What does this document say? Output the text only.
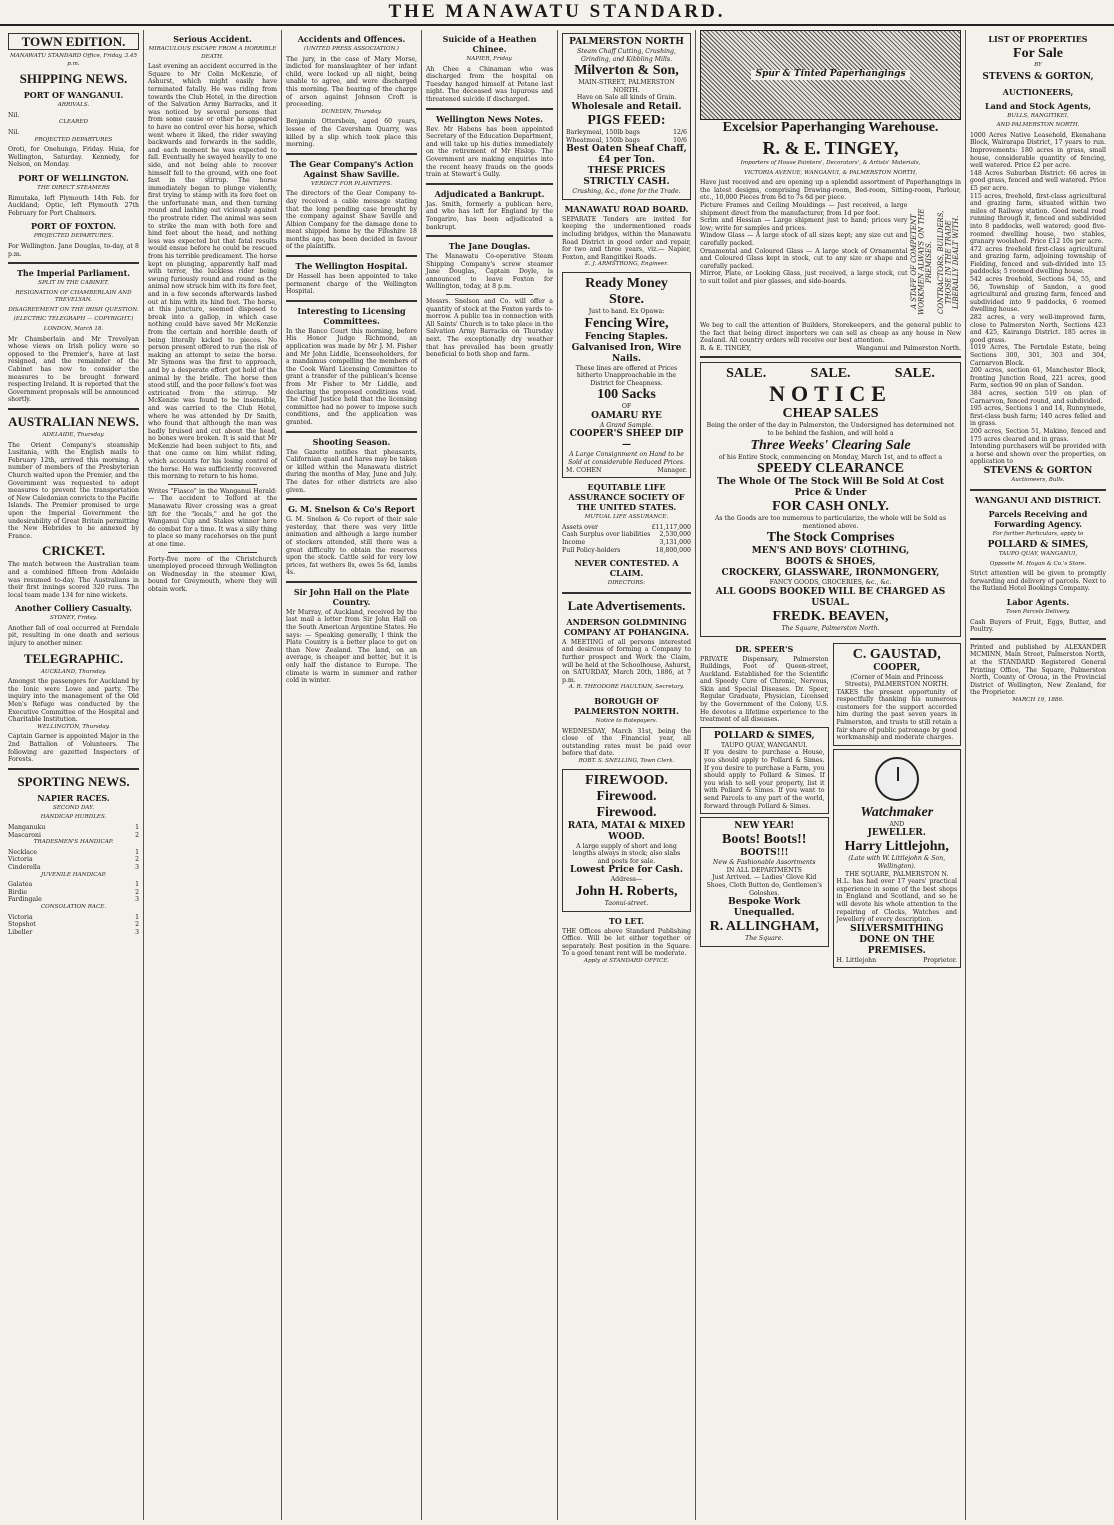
THE MANAWATU STANDARD.
TOWN EDITION.
MANAWATU STANDARD Office, Friday, 3.45 p.m.
SHIPPING NEWS.
PORT OF WANGANUI.
ARRIVALS.
Nil.
CLEARED
Nil.
PROJECTED DEPARTURES
Oroti, for Onehunga, Friday. Huia, for Wellington, Saturday. Kennedy, for Nelson, on Monday.
PORT OF WELLINGTON.
THE DIRECT STEAMERS
Rimutaka, left Plymouth 14th Feb. for Auckland; Optic, left Plymouth 27th February for Port Chalmers.
PORT OF FOXTON.
PROJECTED DEPARTURES.
For Wellington. Jane Douglas, to-day, at 8 p.m.
The Imperial Parliament.
SPLIT IN THE CABINET.
RESIGNATION OF CHAMBERLAIN AND TREVELYAN.
DISAGREEMENT ON THE IRISH QUESTION.
(ELECTRIC TELEGRAPH — COPYRIGHT.)
LONDON, March 18.
Mr Chamberlain and Mr Trevelyan whose views on Irish policy were so opposed to the Premier's, have at last resigned, and the remainder of the Cabinet has now to consider the measures to be brought forward respecting Ireland. It is reported that the Government proposals will be announced shortly.
AUSTRALIAN NEWS.
ADELAIDE, Thursday.
The Orient Company's steamship Lusitania, with the English mails to February 12th, arrived this morning. A number of members of the Presbyterian Church waited upon the Premier, and the Government was requested to adopt measures to prevent the transportation of New Caledonian convicts to the Pacific Islands. The Premier promised to urge upon the Imperial Government the undesirability of Great Britain permitting the New Hebrides to be annexed by France.
CRICKET.
The match between the Australian team and a combined fifteen from Adelaide was resumed to-day. The Australians in their first innings scored 320 runs. The local team made 134 for nine wickets.
Another Colliery Casualty.
SYDNEY, Friday.
Another fall of coal occurred at Ferndale pit, resulting in one death and serious injury to another miner.
TELEGRAPHIC.
AUCKLAND, Thursday.
Amongst the passengers for Auckland by the Ionic were Lowe and party. The inquiry into the management of the Old Men's Refuge was conducted by the Executive Committee of the Hospital and Charitable Institution.
WELLINGTON, Thursday.
Captain Garner is appointed Major in the 2nd Battalion of Volunteers. The following are gazetted Inspectors of Forests.
SPORTING NEWS.
NAPIER RACES.
SECOND DAY.
HANDICAP HURDLES.
Manganuku	1
Mascaroni	2
TRADESMEN'S HANDICAP.
Necklace	1
Victoria	2
Cinderella	3
JUVENILE HANDICAP.
Galatea	1
Birdie	2
Fardingale	3
CONSOLATION RACE.
Victoria	1
Stopshot	2
Libeller	3
Serious Accident.
MIRACULOUS ESCAPE FROM A HORRIBLE DEATH.
Last evening an accident occurred in the Square to Mr Colin McKenzie, of Ashurst, which might easily have terminated fatally. He was riding from towards the Club Hotel, in the direction of the Salvation Army Barracks, and it was noticed by several persons that from some cause or other he appeared to have no control over his horse, which went where it liked, the rider swaying backwards and forwards in the saddle, and each moment he was expected to fall. Eventually he swayed heavily to one side, and not being able to recover himself fell to the ground, with one foot fast in the stirrup. The horse immediately began to plunge violently, first trying to stamp with its fore feet on the unfortunate man, and then turning round and lashing out viciously against the prostrate rider. The animal was seen to strike the man with both fore and hind feet about the head, and nothing less was expected but that fatal results would ensue before he could be rescued from his terrible predicament. The horse kept on plunging, apparently half mad with terror, the luckless rider being swung furiously round and round as the animal now struck him with its fore feet, and in a few seconds afterwards lashed out at him with its hind feet. The horse, at this juncture, seemed disposed to break into a gallop, in which case nothing could have saved Mr McKenzie from the certain and horrible death of being literally kicked to pieces. No person present offered to run the risk of making an attempt to seize the horse. Mr Symons was the first to approach, and by a desperate effort got hold of the animal by the bridle. The horse then stood still, and the poor fellow's foot was extricated from the stirrup. Mr McKenzie was found to be insensible, and was carried to the Club Hotel, where he was attended by Dr Smith, who found that although the man was badly bruised and cut about the head, no bones were broken. It is said that Mr McKenzie had been subject to fits, and that one came on him whilst riding, which accounts for his losing control of the horse. He was sufficiently recovered this morning to return to his home.
Writes "Fiasco" in the Wanganui Herald: — The accident to Telford at the Manawatu River crossing was a great lift for the "locals," and he got the Wanganui Cup and Stakes winner here de combat for a time. It was a silly thing to place so many racehorses on the punt at one time.
Forty-five more of the Christchurch unemployed proceed through Wellington on Wednesday in the steamer Kiwi, bound for Greymouth, where they will obtain work.
Accidents and Offences.
(UNITED PRESS ASSOCIATION.)
The jury, in the case of Mary Morse, indicted for manslaughter of her infant child, were locked up all night, being unable to agree, and were discharged this morning. The hearing of the charge of arson against Johnson Croft is proceeding.
DUNEDIN, Thursday.
Benjamin Ottersbein, aged 60 years, lessee of the Caversham Quarry, was killed by a slip which took place this morning.
The Gear Company's Action Against Shaw Saville.
VERDICT FOR PLAINTIFFS.
The directors of the Gear Company to-day received a cable message stating that the long pending case brought by the company against Shaw Saville and Albion Company for the damage done to meat shipped home by the Fifeshire 18 months ago, has been decided in favour of the plaintiffs.
The Wellington Hospital.
Dr Hassell has been appointed to take permanent charge of the Wellington Hospital.
Interesting to Licensing Committees.
In the Banco Court this morning, before His Honor Judge Richmond, an application was made by Mr J. M. Fisher and Mr John Liddle, licenseeholders, for a mandamus compelling the members of the Cook Ward Licensing Committee to grant a transfer of the publican's license from Mr Fisher to Mr Liddle, and declaring the proposed conditions void. The Chief Justice held that the licensing committee had no power to impose such conditions, and the application was granted.
Shooting Season.
The Gazette notifies that pheasants, Californian quail and hares may be taken or killed within the Manawatu district during the months of May, June and July. The dates for other districts are also given.
G. M. Snelson & Co's Report
G. M. Snelson & Co report of their sale yesterday, that there was very little animation and although a large number of stockers attended, still there was a great difficulty to obtain the reserves upon the stock. Cattle sold for very low prices, fat wethers 8s, ewes 5s 6d, lambs 4s.
Sir John Hall on the Plate Country.
Mr Murray, of Auckland, received by the last mail a letter from Sir John Hall on the South American Argentine States. He says: — Speaking generally, I think the Plate Country is a better place to get on than New Zealand. The land, on an average, is cheaper and better, but it is only half the distance to Europe. The climate is warm in summer and rather cold in winter.
Suicide of a Heathen Chinee.
NAPIER, Friday.
Ah Chee a Chinaman who was discharged from the hospital on Tuesday hanged himself at Petane last night. The deceased was lupurous and threatened suicide if discharged.
Wellington News Notes.
Rev. Mr Habens has been appointed Secretary of the Education Department, and will take up his duties immediately on the retirement of Mr Hislop. The Government are making enquiries into the recent heavy frauds on the goods train at Stewart's Gully.
Adjudicated a Bankrupt.
Jas. Smith, formerly a publican here, and who has left for England by the Tongariro, has been adjudicated a bankrupt.
The Jane Douglas.
The Manawatu Co-operative Steam Shipping Company's screw steamer Jane Douglas, Captain Doyle, is announced to leave Foxton for Wellington, today, at 8 p.m.
Messrs. Snelson and Co. will offer a quantity of stock at the Foxton yards to-morrow. A public tea in connection with All Saints' Church is to take place in the Salvation Army Barracks on Thursday next. The exceptionally dry weather that has prevailed has been greatly beneficial to both shop and farm.
PALMERSTON NORTH
Steam Chaff Cutting, Crushing, Grinding, and Kibbling Mills.
Milverton & Son,
MAIN-STREET, PALMERSTON NORTH.
Have on Sale all kinds of Grain.
Wholesale and Retail.
PIGS FEED:
Barleymeal, 150lb bags	12/6
Wheatmeal, 150lb bags	10/6
Best Oaten Sheaf Chaff, £4 per Ton.
THESE PRICES STRICTLY CASH.
Crushing, &c., done for the Trade.
MANAWATU ROAD BOARD.
SEPARATE Tenders are invited for keeping the undermentioned roads including bridges, within the Manawatu Road District in good order and repair, for two and three years, viz.— Napier, Foxton, and Rangitikei Roads.
E. J. ARMSTRONG, Engineer.
Ready Money Store.
Just to hand. Ex Opawa:
Fencing Wire,
Fencing Staples.
Galvanised Iron, Wire Nails.
These lines are offered at Prices hitherto Unapproachable in the District for Cheapness.
100 Sacks
OF
OAMARU RYE
A Grand Sample.
COOPER'S SHEEP DIP —
A Large Consignment on Hand to be Sold at considerable Reduced Prices.
M. COHEN	Manager.
EQUITABLE LIFE ASSURANCE SOCIETY OF THE UNITED STATES.
MUTUAL LIFE ASSURANCE.
Assets over	£11,117,000
Cash Surplus over liabilities 2,530,000
Income	3,131,000
Full Policy-holders	18,800,000
NEVER CONTESTED. A CLAIM.
DIRECTORS:
Late Advertisements.
ANDERSON GOLDMINING COMPANY AT POHANGINA.
A MEETING of all persons interested and desirous of forming a Company to further prospect and Work the Claim, will be held at the Schoolhouse, Ashurst, on SATURDAY, March 20th, 1886, at 7 p.m.
A. R. THEODORE HAULTAIN, Secretary.
BOROUGH OF PALMERSTON NORTH.
Notice to Ratepayers.
WEDNESDAY, March 31st, being the close of the Financial year, all outstanding rates must be paid over before that date.
ROBT. S. SNELLING, Town Clerk.
FIREWOOD.
Firewood.
Firewood.
RATA, MATAI & MIXED WOOD.
A large supply of short and long lengths always in stock; also slabs and posts for sale.
Lowest Price for Cash.
Address—
John H. Roberts,
Taonui-street.
TO LET.
THE Offices above Standard Publishing Office. Will be let either together or separately. Best position in the Square. To a good tenant rent will be moderate.
Apply at STANDARD OFFICE.
Spur & Tinted Paperhangings
Excelsior Paperhanging Warehouse.
R. & E. TINGEY,
Importers of House Painters', Decorators', & Artists' Materials,
VICTORIA AVENUE, WANGANUI, & PALMERSTON NORTH,
Have just received and are opening up a splendid assortment of Paperhangings in the latest designs, comprising Drawing-room, Bed-room, Sitting-room, Parlour, etc., 10,000 Pieces from 6d to 7s 6d per piece.
Picture Frames and Ceiling Mouldings — Just received, a large shipment direct from the manufacturer, from 1d per foot.
Scrim and Hessian — Large shipment just to hand; prices very low; write for samples and prices.
Window Glass — A large stock of all sizes kept; any size cut and carefully packed.
Ornamental and Coloured Glass — A large stock of Ornamental and Coloured Glass kept in stock, cut to any size or shape and carefully packed.
Mirror, Plate, or Looking Glass, just received, a large stock, cut to suit toilet and pier glasses, and side-boards.	A STAFF OF COMPETENT WORKMEN ALWAYS ON THE PREMISES. CONTRACTORS, BUILDERS, THOSE IN THE TRADE LIBERALLY DEALT WITH.
We beg to call the attention of Builders, Storekeepers, and the general public to the fact that being direct importers we can sell as cheap as any house in New Zealand. All country orders will receive our best attention.
R. & E. TINGEY,	Wanganui and Palmerston North.
SALE.	SALE.	SALE.
NOTICE
CHEAP SALES
Being the order of the day in Palmerston, the Undersigned has determined not to be behind the fashion, and will hold a
Three Weeks' Clearing Sale
of his Entire Stock, commencing on Monday, March 1st, and to effect a
SPEEDY CLEARANCE
The Whole Of The Stock Will Be Sold At Cost Price & Under
FOR CASH ONLY.
As the Goods are too numerous to particularize, the whole will be Sold as mentioned above.
The Stock Comprises
MEN'S AND BOYS' CLOTHING,
BOOTS & SHOES,
CROCKERY, GLASSWARE, IRONMONGERY,
FANCY GOODS, GROCERIES, &c., &c.
ALL GOODS BOOKED WILL BE CHARGED AS USUAL.
FREDK. BEAVEN,
The Square, Palmerston North.
DR. SPEER'S
PRIVATE Dispensary, Palmerston Buildings, Foot of Queen-street, Auckland. Established for the Scientific and Speedy Cure of Chronic, Nervous, Skin and Special Diseases. Dr. Speer, Regular Graduate, Physician, Licensed by the Government of the Colony, U.S. He devotes a lifetime experience to the treatment of all diseases.
POLLARD & SIMES,
TAUPO QUAY, WANGANUI.
If you desire to purchase a House, you should apply to Pollard & Simes. If you desire to purchase a Farm, you should apply to Pollard & Simes. If you wish to sell your property, list it with Pollard & Simes. If you want to send Parcels to any part of the world, forward through Pollard & Simes.
NEW YEAR!
Boots! Boots!!
BOOTS!!!
New & Fashionable Assortments
IN ALL DEPARTMENTS
Just Arrived. — Ladies' Glove Kid Shoes, Cloth Button do, Gentlemen's Goloshes.
Bespoke Work Unequalled.
R. ALLINGHAM,
The Square.
C. GAUSTAD,
COOPER,
(Corner of Main and Princess Streets), PALMERSTON NORTH.
TAKES the present opportunity of respectfully thanking his numerous customers for the support accorded him during the past seven years in Palmerston, and trusts to still retain a fair share of public patronage by good workmanship and moderate charges.
Watchmaker
AND
JEWELLER.
Harry Littlejohn,
(Late with W. Littlejohn & Son, Wellington).
THE SQUARE, PALMERSTON N.
H.L. has had over 17 years' practical experience in some of the best shops in England and Scotland, and so he will devote his whole attention to the repairing of Clocks, Watches and Jewellery of every description.
SILVERSMITHING DONE ON THE PREMISES.
H. Littlejohn	Proprietor.
LIST OF PROPERTIES
For Sale
BY
STEVENS & GORTON,
AUCTIONEERS,
Land and Stock Agents,
BULLS, RANGITIKEI,
AND PALMERSTON NORTH.
1000 Acres Native Leasehold, Ekenahana Block, Wairarapa District, 17 years to run. Improvements: 180 acres in grass, small house, considerable quantity of fencing, well watered. Price £2 per acre.
148 Acres Suburban District: 66 acres in good grass, fenced and well watered. Price £5 per acre.
115 acres, freehold, first-class agricultural and grazing farm, situated within two miles of Railway station. Good metal road running through it, fenced and subdivided into 8 paddocks, well watered; good five-roomed dwelling house, two stables, granary woolshed. Price £12 10s per acre.
472 acres freehold first-class agricultural and grazing farm, adjoining township of Fielding, fenced and sub-divided into 15 paddocks; 5 roomed dwelling house.
542 acres freehold, Sections 54, 55, and 56, Township of Sandon, a good agricultural and grazing farm, fenced and subdivided into 9 paddocks, 6 roomed dwelling house.
282 acres, a very well-improved farm, close to Palmerston North, Sections 423 and 425, Kairanga District. 185 acres in good grass.
1019 Acres, The Ferndale Estate, being Sections 300, 301, 303 and 304, Carnarvon Block.
200 acres, section 61, Manchester Block, fronting Junction Road, 221 acres, good Farm, section 90 on plan of Sandon.
384 acres, section 519 on plan of Carnarvon, fenced round, and subdivided.
195 acres, Sections 1 and 14, Runnymede, first-class bush farm; 140 acres felled and in grass.
200 acres, Section 51, Makino, fenced and 175 acres cleared and in grass.
Intending purchasers will be provided with a horse and shown over the properties, on application to
STEVENS & GORTON
Auctioneers, Bulls.
WANGANUI AND DISTRICT.
Parcels Receiving and Forwarding Agency.
For further Particulars, apply to
POLLARD & SIMES,
TAUPO QUAY, WANGANUI,
Opposite M. Hogan & Co.'s Store.
Strict attention will be given to promptly forwarding and delivery of parcels. Next to the Rutland Hotel Bookings Company.
Labor Agents.
Town Parcels Delivery.
Cash Buyers of Fruit, Eggs, Butter, and Poultry.
Printed and published by ALEXANDER MCMINN, Main Street, Palmerston North, at the STANDARD Registered General Printing Office, The Square, Palmerston North, County of Oroua, in the Provincial District of Wellington, New Zealand, for the Proprietor.
MARCH 19, 1886.
